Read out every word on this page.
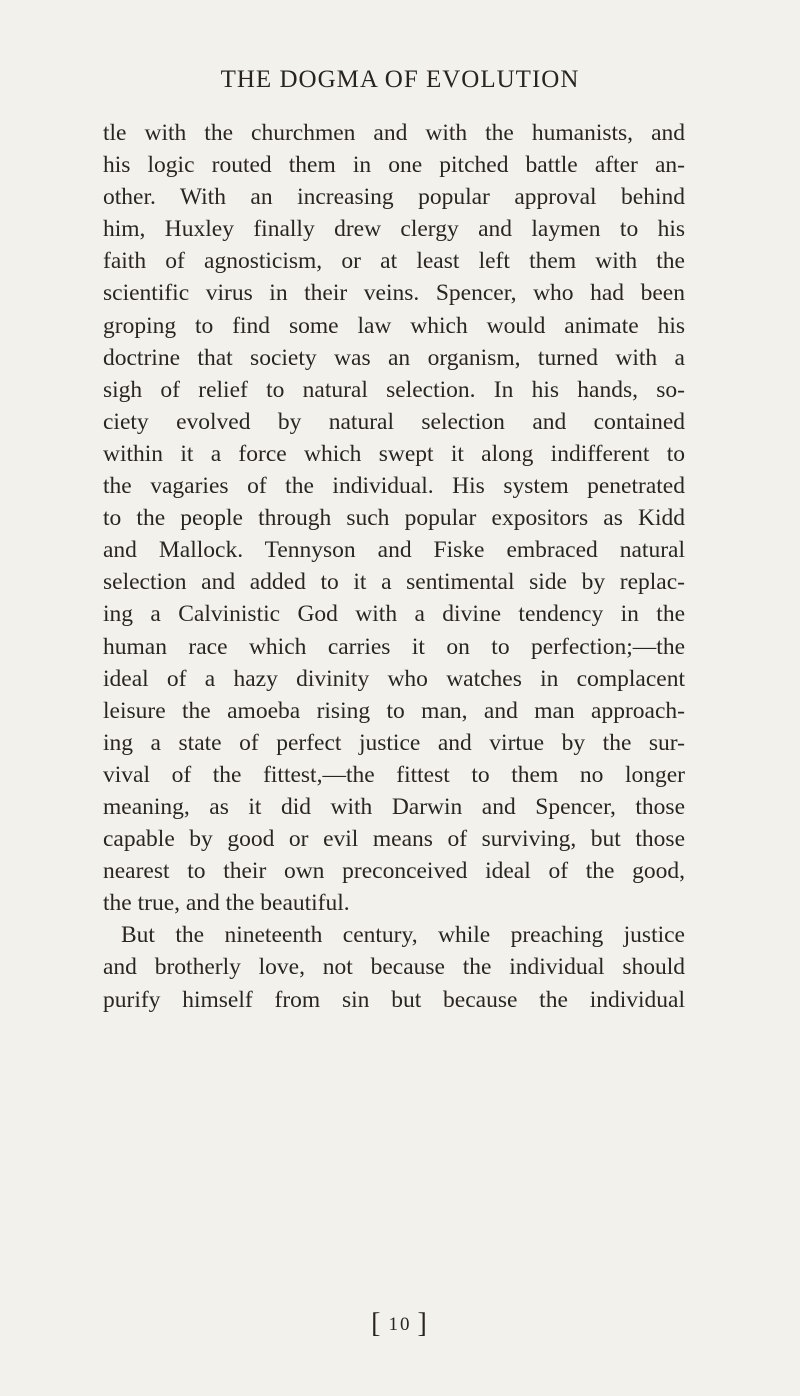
THE DOGMA OF EVOLUTION
tle with the churchmen and with the humanists, and
his logic routed them in one pitched battle after an-
other. With an increasing popular approval behind
him, Huxley finally drew clergy and laymen to his
faith of agnosticism, or at least left them with the
scientific virus in their veins. Spencer, who had been
groping to find some law which would animate his
doctrine that society was an organism, turned with a
sigh of relief to natural selection. In his hands, so-
ciety evolved by natural selection and contained
within it a force which swept it along indifferent to
the vagaries of the individual. His system penetrated
to the people through such popular expositors as Kidd
and Mallock. Tennyson and Fiske embraced natural
selection and added to it a sentimental side by replac-
ing a Calvinistic God with a divine tendency in the
human race which carries it on to perfection;—the
ideal of a hazy divinity who watches in complacent
leisure the amoeba rising to man, and man approach-
ing a state of perfect justice and virtue by the sur-
vival of the fittest,—the fittest to them no longer
meaning, as it did with Darwin and Spencer, those
capable by good or evil means of surviving, but those
nearest to their own preconceived ideal of the good,
the true, and the beautiful.
But the nineteenth century, while preaching justice
and brotherly love, not because the individual should
purify himself from sin but because the individual
[ 10 ]
